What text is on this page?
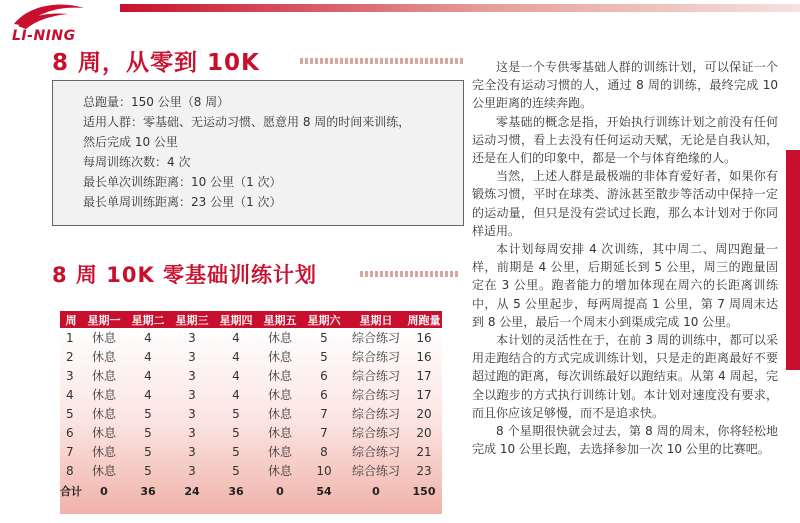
LI-NING
8 周，从零到 10K
总跑量：150 公里（8 周）
适用人群：零基础、无运动习惯、愿意用 8 周的时间来训练，
然后完成 10 公里
每周训练次数：4 次
最长单次训练距离：10 公里（1 次）
最长单周训练距离：23 公里（1 次）
8 周 10K 零基础训练计划
周	星期一	星期二	星期三	星期四	星期五	星期六	星期日	周跑量
1	休息	4	3	4	休息	5	综合练习	16
2	休息	4	3	4	休息	5	综合练习	16
3	休息	4	3	4	休息	6	综合练习	17
4	休息	4	3	4	休息	6	综合练习	17
5	休息	5	3	5	休息	7	综合练习	20
6	休息	5	3	5	休息	7	综合练习	20
7	休息	5	3	5	休息	8	综合练习	21
8	休息	5	3	5	休息	10	综合练习	23
合计	0	36	24	36	0	54	0	150

这是一个专供零基础人群的训练计划，可以保证一个完全没有运动习惯的人，通过 8 周的训练，最终完成 10 公里距离的连续奔跑。

零基础的概念是指，开始执行训练计划之前没有任何运动习惯，看上去没有任何运动天赋，无论是自我认知，还是在人们的印象中，都是一个与体育绝缘的人。

当然，上述人群是最极端的非体育爱好者，如果你有锻炼习惯，平时在球类、游泳甚至散步等活动中保持一定的运动量，但只是没有尝试过长跑，那么本计划对于你同样适用。

本计划每周安排 4 次训练，其中周二、周四跑量一样，前期是 4 公里，后期延长到 5 公里，周三的跑量固定在 3 公里。跑者能力的增加体现在周六的长距离训练中，从 5 公里起步，每两周提高 1 公里，第 7 周周末达到 8 公里，最后一个周末小到渠成完成 10 公里。

本计划的灵活性在于，在前 3 周的训练中，都可以采用走跑结合的方式完成训练计划，只是走的距离最好不要超过跑的距离，每次训练最好以跑结束。从第 4 周起，完全以跑步的方式执行训练计划。本计划对速度没有要求，而且你应该足够慢，而不是追求快。

8 个星期很快就会过去，第 8 周的周末，你将轻松地完成 10 公里长跑，去选择参加一次 10 公里的比赛吧。
